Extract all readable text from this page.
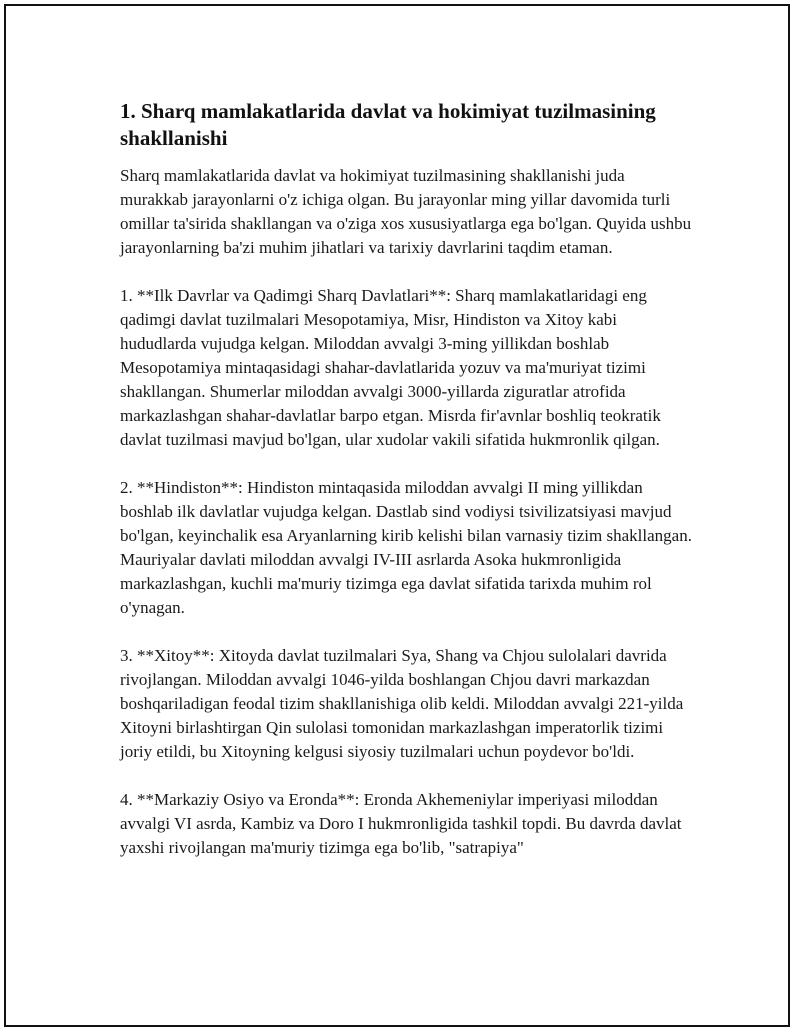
1. Sharq mamlakatlarida davlat va hokimiyat tuzilmasining shakllanishi

Sharq mamlakatlarida davlat va hokimiyat tuzilmasining shakllanishi juda murakkab jarayonlarni o'z ichiga olgan. Bu jarayonlar ming yillar davomida turli omillar ta'sirida shakllangan va o'ziga xos xususiyatlarga ega bo'lgan. Quyida ushbu jarayonlarning ba'zi muhim jihatlari va tarixiy davrlarini taqdim etaman.

1. **Ilk Davrlar va Qadimgi Sharq Davlatlari**: Sharq mamlakatlaridagi eng qadimgi davlat tuzilmalari Mesopotamiya, Misr, Hindiston va Xitoy kabi hududlarda vujudga kelgan. Miloddan avvalgi 3-ming yillikdan boshlab Mesopotamiya mintaqasidagi shahar-davlatlarida yozuv va ma'muriyat tizimi shakllangan. Shumerlar miloddan avvalgi 3000-yillarda ziguratlar atrofida markazlashgan shahar-davlatlar barpo etgan. Misrda fir'avnlar boshliq teokratik davlat tuzilmasi mavjud bo'lgan, ular xudolar vakili sifatida hukmronlik qilgan.

2. **Hindiston**: Hindiston mintaqasida miloddan avvalgi II ming yillikdan boshlab ilk davlatlar vujudga kelgan. Dastlab sind vodiysi tsivilizatsiyasi mavjud bo'lgan, keyinchalik esa Aryanlarning kirib kelishi bilan varnasiy tizim shakllangan. Mauriyalar davlati miloddan avvalgi IV-III asrlarda Asoka hukmronligida markazlashgan, kuchli ma'muriy tizimga ega davlat sifatida tarixda muhim rol o'ynagan.

3. **Xitoy**: Xitoyda davlat tuzilmalari Sya, Shang va Chjou sulolalari davrida rivojlangan. Miloddan avvalgi 1046-yilda boshlangan Chjou davri markazdan boshqariladigan feodal tizim shakllanishiga olib keldi. Miloddan avvalgi 221-yilda Xitoyni birlashtirgan Qin sulolasi tomonidan markazlashgan imperatorlik tizimi joriy etildi, bu Xitoyning kelgusi siyosiy tuzilmalari uchun poydevor bo'ldi.

4. **Markaziy Osiyo va Eronda**: Eronda Akhemeniylar imperiyasi miloddan avvalgi VI asrda, Kambiz va Doro I hukmronligida tashkil topdi. Bu davrda davlat yaxshi rivojlangan ma'muriy tizimga ega bo'lib, "satrapiya"
